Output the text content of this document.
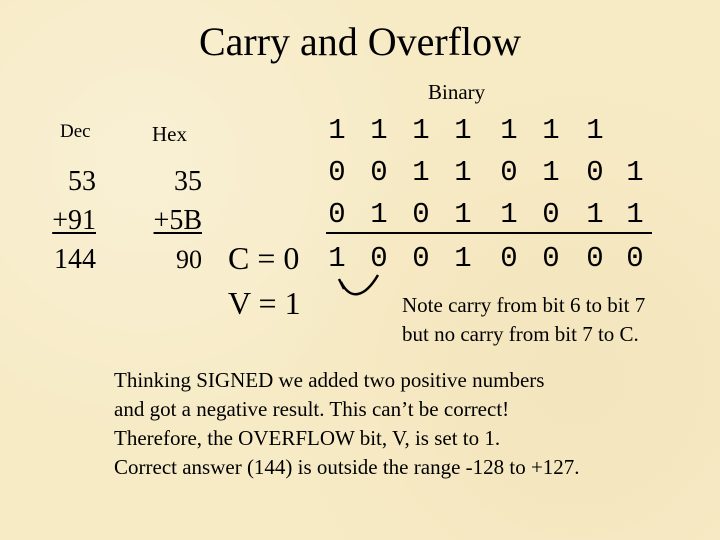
Carry and Overflow
Binary
Dec	Hex
53
+91
144
35
+5B
90
1 1 1 1 1 1 1
0 0 1 1 0 1 0 1
0 1 0 1 1 0 1 1
1 0 0 1 0 0 0 0
C = 0
V = 1	Note carry from bit 6 to bit 7
but no carry from bit 7 to C.
Thinking SIGNED we added two positive numbers
and got a negative result. This can’t be correct!
Therefore, the OVERFLOW bit, V, is set to 1.
Correct answer (144) is outside the range -128 to +127.
